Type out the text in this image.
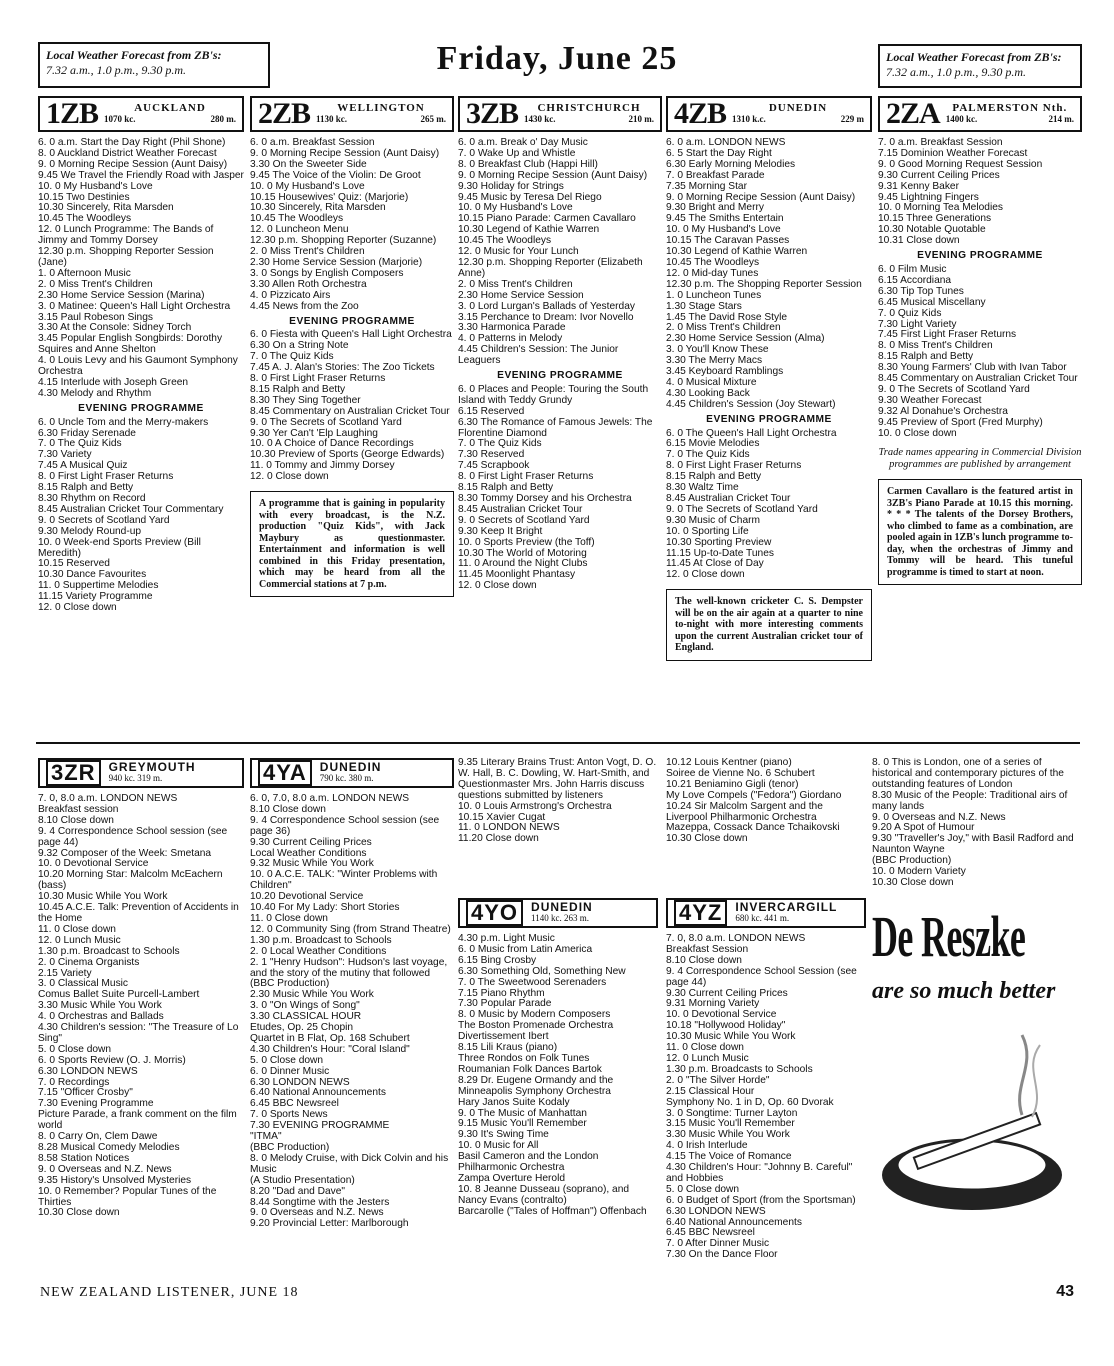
Local Weather Forecast from ZB's:
7.32 a.m., 1.0 p.m., 9.30 p.m.	Friday, June 25	Local Weather Forecast from ZB's:
7.32 a.m., 1.0 p.m., 9.30 p.m.
1ZB	AUCKLAND
1070 kc.	280 m.

6. 0 a.m. Start the Day Right (Phil Shone)

8. 0 Auckland District Weather Forecast

9. 0 Morning Recipe Session (Aunt Daisy)

9.45 We Travel the Friendly Road with Jasper

10. 0 My Husband's Love

10.15 Two Destinies

10.30 Sincerely, Rita Marsden

10.45 The Woodleys

12. 0 Lunch Programme: The Bands of Jimmy and Tommy Dorsey

12.30 p.m. Shopping Reporter Session (Jane)

1. 0 Afternoon Music

2. 0 Miss Trent's Children

2.30 Home Service Session (Marina)

3. 0 Matinee: Queen's Hall Light Orchestra

3.15 Paul Robeson Sings

3.30 At the Console: Sidney Torch

3.45 Popular English Songbirds: Dorothy Squires and Anne Shelton

4. 0 Louis Levy and his Gaumont Symphony Orchestra

4.15 Interlude with Joseph Green

4.30 Melody and Rhythm

EVENING PROGRAMME

6. 0 Uncle Tom and the Merry-makers

6.30 Friday Serenade

7. 0 The Quiz Kids

7.30 Variety

7.45 A Musical Quiz

8. 0 First Light Fraser Returns

8.15 Ralph and Betty

8.30 Rhythm on Record

8.45 Australian Cricket Tour Commentary

9. 0 Secrets of Scotland Yard

9.30 Melody Round-up

10. 0 Week-end Sports Preview (Bill Meredith)

10.15 Reserved

10.30 Dance Favourites

11. 0 Suppertime Melodies

11.15 Variety Programme

12. 0 Close down

2ZB	WELLINGTON
1130 kc.	265 m.

6. 0 a.m. Breakfast Session

9. 0 Morning Recipe Session (Aunt Daisy)

3.30 On the Sweeter Side

9.45 The Voice of the Violin: De Groot

10. 0 My Husband's Love

10.15 Housewives' Quiz: (Marjorie)

10.30 Sincerely, Rita Marsden

10.45 The Woodleys

12. 0 Luncheon Menu

12.30 p.m. Shopping Reporter (Suzanne)

2. 0 Miss Trent's Children

2.30 Home Service Session (Marjorie)

3. 0 Songs by English Composers

3.30 Allen Roth Orchestra

4. 0 Pizzicato Airs

4.45 News from the Zoo

EVENING PROGRAMME

6. 0 Fiesta with Queen's Hall Light Orchestra

6.30 On a String Note

7. 0 The Quiz Kids

7.45 A. J. Alan's Stories: The Zoo Tickets

8. 0 First Light Fraser Returns

8.15 Ralph and Betty

8.30 They Sing Together

8.45 Commentary on Australian Cricket Tour

9. 0 The Secrets of Scotland Yard

9.30 Yer Can't 'Elp Laughing

10. 0 A Choice of Dance Recordings

10.30 Preview of Sports (George Edwards)

11. 0 Tommy and Jimmy Dorsey

12. 0 Close down

A programme that is gaining in popularity with every broadcast, is the N.Z. production "Quiz Kids", with Jack Maybury as questionmaster. Entertainment and information is well combined in this Friday presentation, which may be heard from all the Commercial stations at 7 p.m.
3ZB	CHRISTCHURCH
1430 kc.	210 m.

6. 0 a.m. Break o' Day Music

7. 0 Wake Up and Whistle

8. 0 Breakfast Club (Happi Hill)

9. 0 Morning Recipe Session (Aunt Daisy)

9.30 Holiday for Strings

9.45 Music by Teresa Del Riego

10. 0 My Husband's Love

10.15 Piano Parade: Carmen Cavallaro

10.30 Legend of Kathie Warren

10.45 The Woodleys

12. 0 Music for Your Lunch

12.30 p.m. Shopping Reporter (Elizabeth Anne)

2. 0 Miss Trent's Children

2.30 Home Service Session

3. 0 Lord Lurgan's Ballads of Yesterday

3.15 Perchance to Dream: Ivor Novello

3.30 Harmonica Parade

4. 0 Patterns in Melody

4.45 Children's Session: The Junior Leaguers

EVENING PROGRAMME

6. 0 Places and People: Touring the South Island with Teddy Grundy

6.15 Reserved

6.30 The Romance of Famous Jewels: The Florentine Diamond

7. 0 The Quiz Kids

7.30 Reserved

7.45 Scrapbook

8. 0 First Light Fraser Returns

8.15 Ralph and Betty

8.30 Tommy Dorsey and his Orchestra

8.45 Australian Cricket Tour

9. 0 Secrets of Scotland Yard

9.30 Keep It Bright

10. 0 Sports Preview (the Toff)

10.30 The World of Motoring

11. 0 Around the Night Clubs

11.45 Moonlight Phantasy

12. 0 Close down

4ZB	DUNEDIN
1310 k.c.	229 m

6. 0 a.m. LONDON NEWS

6. 5 Start the Day Right

6.30 Early Morning Melodies

7. 0 Breakfast Parade

7.35 Morning Star

9. 0 Morning Recipe Session (Aunt Daisy)

9.30 Bright and Merry

9.45 The Smiths Entertain

10. 0 My Husband's Love

10.15 The Caravan Passes

10.30 Legend of Kathie Warren

10.45 The Woodleys

12. 0 Mid-day Tunes

12.30 p.m. The Shopping Reporter Session

1. 0 Luncheon Tunes

1.30 Stage Stars

1.45 The David Rose Style

2. 0 Miss Trent's Children

2.30 Home Service Session (Alma)

3. 0 You'll Know These

3.30 The Merry Macs

3.45 Keyboard Ramblings

4. 0 Musical Mixture

4.30 Looking Back

4.45 Children's Session (Joy Stewart)

EVENING PROGRAMME

6. 0 The Queen's Hall Light Orchestra

6.15 Movie Melodies

7. 0 The Quiz Kids

8. 0 First Light Fraser Returns

8.15 Ralph and Betty

8.30 Waltz Time

8.45 Australian Cricket Tour

9. 0 The Secrets of Scotland Yard

9.30 Music of Charm

10. 0 Sporting Life

10.30 Sporting Preview

11.15 Up-to-Date Tunes

11.45 At Close of Day

12. 0 Close down

The well-known cricketer C. S. Dempster will be on the air again at a quarter to nine to-night with more interesting comments upon the current Australian cricket tour of England.
2ZA	PALMERSTON Nth.
1400 kc.	214 m.

7. 0 a.m. Breakfast Session

7.15 Dominion Weather Forecast

9. 0 Good Morning Request Session

9.30 Current Ceiling Prices

9.31 Kenny Baker

9.45 Lightning Fingers

10. 0 Morning Tea Melodies

10.15 Three Generations

10.30 Notable Quotable

10.31 Close down

EVENING PROGRAMME

6. 0 Film Music

6.15 Accordiana

6.30 Tip Top Tunes

6.45 Musical Miscellany

7. 0 Quiz Kids

7.30 Light Variety

7.45 First Light Fraser Returns

8. 0 Miss Trent's Children

8.15 Ralph and Betty

8.30 Young Farmers' Club with Ivan Tabor

8.45 Commentary on Australian Cricket Tour

9. 0 The Secrets of Scotland Yard

9.30 Weather Forecast

9.32 Al Donahue's Orchestra

9.45 Preview of Sport (Fred Murphy)

10. 0 Close down

Trade names appearing in Commercial Division programmes are published by arrangement
Carmen Cavallaro is the featured artist in 3ZB's Piano Parade at 10.15 this morning. * * * The talents of the Dorsey Brothers, who climbed to fame as a combination, are pooled again in 1ZB's lunch programme to-day, when the orchestras of Jimmy and Tommy will be heard. This tuneful programme is timed to start at noon.
3ZR	GREYMOUTH
940 kc. 319 m.

7. 0, 8.0 a.m. LONDON NEWS

Breakfast session

8.10 Close down

9. 4 Correspondence School session (see page 44)

9.32 Composer of the Week: Smetana

10. 0 Devotional Service

10.20 Morning Star: Malcolm McEachern (bass)

10.30 Music While You Work

10.45 A.C.E. Talk: Prevention of Accidents in the Home

11. 0 Close down

12. 0 Lunch Music

1.30 p.m. Broadcast to Schools

2. 0 Cinema Organists

2.15 Variety

3. 0 Classical Music

Comus Ballet Suite Purcell-Lambert

3.30 Music While You Work

4. 0 Orchestras and Ballads

4.30 Children's session: "The Treasure of Lo Sing"

5. 0 Close down

6. 0 Sports Review (O. J. Morris)

6.30 LONDON NEWS

7. 0 Recordings

7.15 "Officer Crosby"

7.30 Evening Programme

Picture Parade, a frank comment on the film world

8. 0 Carry On, Clem Dawe

8.28 Musical Comedy Melodies

8.58 Station Notices

9. 0 Overseas and N.Z. News

9.35 History's Unsolved Mysteries

10. 0 Remember? Popular Tunes of the Thirties

10.30 Close down

4YA	DUNEDIN
790 kc. 380 m.

6. 0, 7.0, 8.0 a.m. LONDON NEWS

8.10 Close down

9. 4 Correspondence School session (see page 36)

9.30 Current Ceiling Prices

Local Weather Conditions

9.32 Music While You Work

10. 0 A.C.E. TALK: "Winter Problems with Children"

10.20 Devotional Service

10.40 For My Lady: Short Stories

11. 0 Close down

12. 0 Community Sing (from Strand Theatre)

1.30 p.m. Broadcast to Schools

2. 0 Local Weather Conditions

2. 1 "Henry Hudson": Hudson's last voyage, and the story of the mutiny that followed

(BBC Production)

2.30 Music While You Work

3. 0 "On Wings of Song"

3.30 CLASSICAL HOUR

Etudes, Op. 25 Chopin

Quartet in B Flat, Op. 168 Schubert

4.30 Children's Hour: "Coral Island"

5. 0 Close down

6. 0 Dinner Music

6.30 LONDON NEWS

6.40 National Announcements

6.45 BBC Newsreel

7. 0 Sports News

7.30 EVENING PROGRAMME

"ITMA"

(BBC Production)

8. 0 Melody Cruise, with Dick Colvin and his Music

(A Studio Presentation)

8.20 "Dad and Dave"

8.44 Songtime with the Jesters

9. 0 Overseas and N.Z. News

9.20 Provincial Letter: Marlborough

9.35 Literary Brains Trust: Anton Vogt, D. O. W. Hall, B. C. Dowling, W. Hart-Smith, and Questionmaster Mrs. John Harris discuss questions submitted by listeners

10. 0 Louis Armstrong's Orchestra

10.15 Xavier Cugat

11. 0 LONDON NEWS

11.20 Close down

4YO	DUNEDIN
1140 kc. 263 m.

4.30 p.m. Light Music

6. 0 Music from Latin America

6.15 Bing Crosby

6.30 Something Old, Something New

7. 0 The Sweetwood Serenaders

7.15 Piano Rhythm

7.30 Popular Parade

8. 0 Music by Modern Composers

The Boston Promenade Orchestra

Divertissement Ibert

8.15 Lili Kraus (piano)

Three Rondos on Folk Tunes

Roumanian Folk Dances Bartok

8.29 Dr. Eugene Ormandy and the Minneapolis Symphony Orchestra

Hary Janos Suite Kodaly

9. 0 The Music of Manhattan

9.15 Music You'll Remember

9.30 It's Swing Time

10. 0 Music for All

Basil Cameron and the London Philharmonic Orchestra

Zampa Overture Herold

10. 8 Jeanne Dusseau (soprano), and Nancy Evans (contralto)

Barcarolle ("Tales of Hoffman") Offenbach

10.12 Louis Kentner (piano)

Soiree de Vienne No. 6 Schubert

10.21 Beniamino Gigli (tenor)

My Love Compels ("Fedora") Giordano

10.24 Sir Malcolm Sargent and the Liverpool Philharmonic Orchestra

Mazeppa, Cossack Dance Tchaikovski

10.30 Close down

4YZ	INVERCARGILL
680 kc. 441 m.

7. 0, 8.0 a.m. LONDON NEWS

Breakfast Session

8.10 Close down

9. 4 Correspondence School Session (see page 44)

9.30 Current Ceiling Prices

9.31 Morning Variety

10. 0 Devotional Service

10.18 "Hollywood Holiday"

10.30 Music While You Work

11. 0 Close down

12. 0 Lunch Music

1.30 p.m. Broadcasts to Schools

2. 0 "The Silver Horde"

2.15 Classical Hour

Symphony No. 1 in D, Op. 60 Dvorak

3. 0 Songtime: Turner Layton

3.15 Music You'll Remember

3.30 Music While You Work

4. 0 Irish Interlude

4.15 The Voice of Romance

4.30 Children's Hour: "Johnny B. Careful" and Hobbies

5. 0 Close down

6. 0 Budget of Sport (from the Sportsman)

6.30 LONDON NEWS

6.40 National Announcements

6.45 BBC Newsreel

7. 0 After Dinner Music

7.30 On the Dance Floor

8. 0 This is London, one of a series of historical and contemporary pictures of the outstanding features of London

8.30 Music of the People: Traditional airs of many lands

9. 0 Overseas and N.Z. News

9.20 A Spot of Humour

9.30 "Traveller's Joy," with Basil Radford and Naunton Wayne

(BBC Production)

10. 0 Modern Variety

10.30 Close down

De Reszke
are so much better
NEW ZEALAND LISTENER, JUNE 18	43
